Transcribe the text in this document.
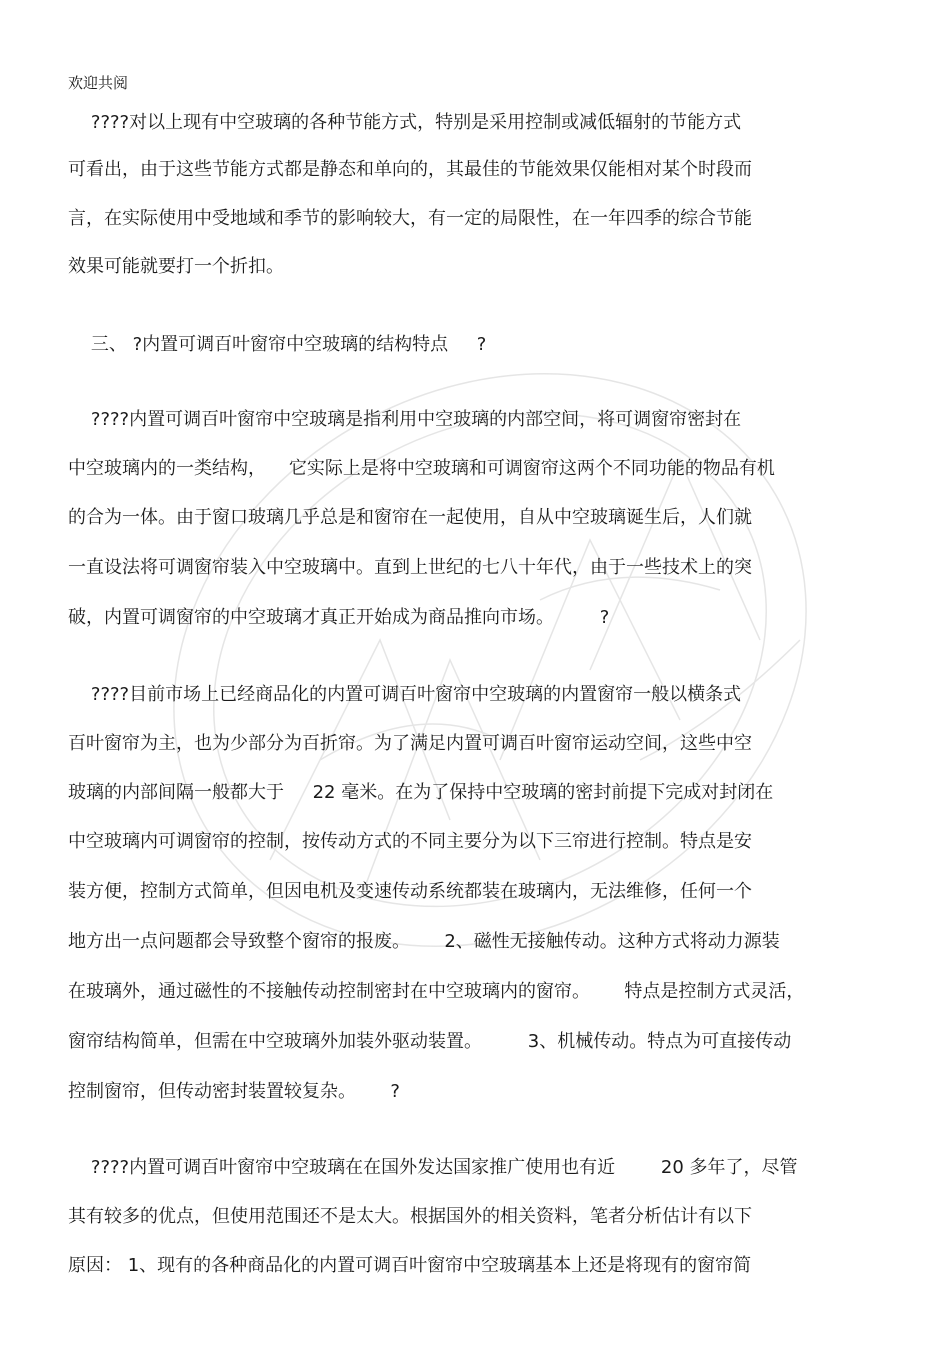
欢迎共阅
????对以上现有中空玻璃的各种节能方式，特别是采用控制或减低辐射的节能方式
可看出，由于这些节能方式都是静态和单向的，其最佳的节能效果仅能相对某个时段而
言，在实际使用中受地域和季节的影响较大，有一定的局限性，在一年四季的综合节能
效果可能就要打一个折扣。
三、 ?内置可调百叶窗帘中空玻璃的结构特点     ?
????内置可调百叶窗帘中空玻璃是指利用中空玻璃的内部空间，将可调窗帘密封在
中空玻璃内的一类结构，    它实际上是将中空玻璃和可调窗帘这两个不同功能的物品有机
的合为一体。由于窗口玻璃几乎总是和窗帘在一起使用，自从中空玻璃诞生后，人们就
一直设法将可调窗帘装入中空玻璃中。直到上世纪的七八十年代，由于一些技术上的突
破，内置可调窗帘的中空玻璃才真正开始成为商品推向市场。        ?
????目前市场上已经商品化的内置可调百叶窗帘中空玻璃的内置窗帘一般以横条式
百叶窗帘为主，也为少部分为百折帘。为了满足内置可调百叶窗帘运动空间，这些中空
玻璃的内部间隔一般都大于     22 毫米。在为了保持中空玻璃的密封前提下完成对封闭在
中空玻璃内可调窗帘的控制，按传动方式的不同主要分为以下三帘进行控制。特点是安
装方便，控制方式简单，但因电机及变速传动系统都装在玻璃内，无法维修，任何一个
地方出一点问题都会导致整个窗帘的报废。      2、磁性无接触传动。这种方式将动力源装
在玻璃外，通过磁性的不接触传动控制密封在中空玻璃内的窗帘。      特点是控制方式灵活，
窗帘结构简单，但需在中空玻璃外加装外驱动装置。        3、机械传动。特点为可直接传动
控制窗帘，但传动密封装置较复杂。      ?
????内置可调百叶窗帘中空玻璃在在国外发达国家推广使用也有近        20 多年了，尽管
其有较多的优点，但使用范围还不是太大。根据国外的相关资料，笔者分析估计有以下
原因： 1、现有的各种商品化的内置可调百叶窗帘中空玻璃基本上还是将现有的窗帘简
